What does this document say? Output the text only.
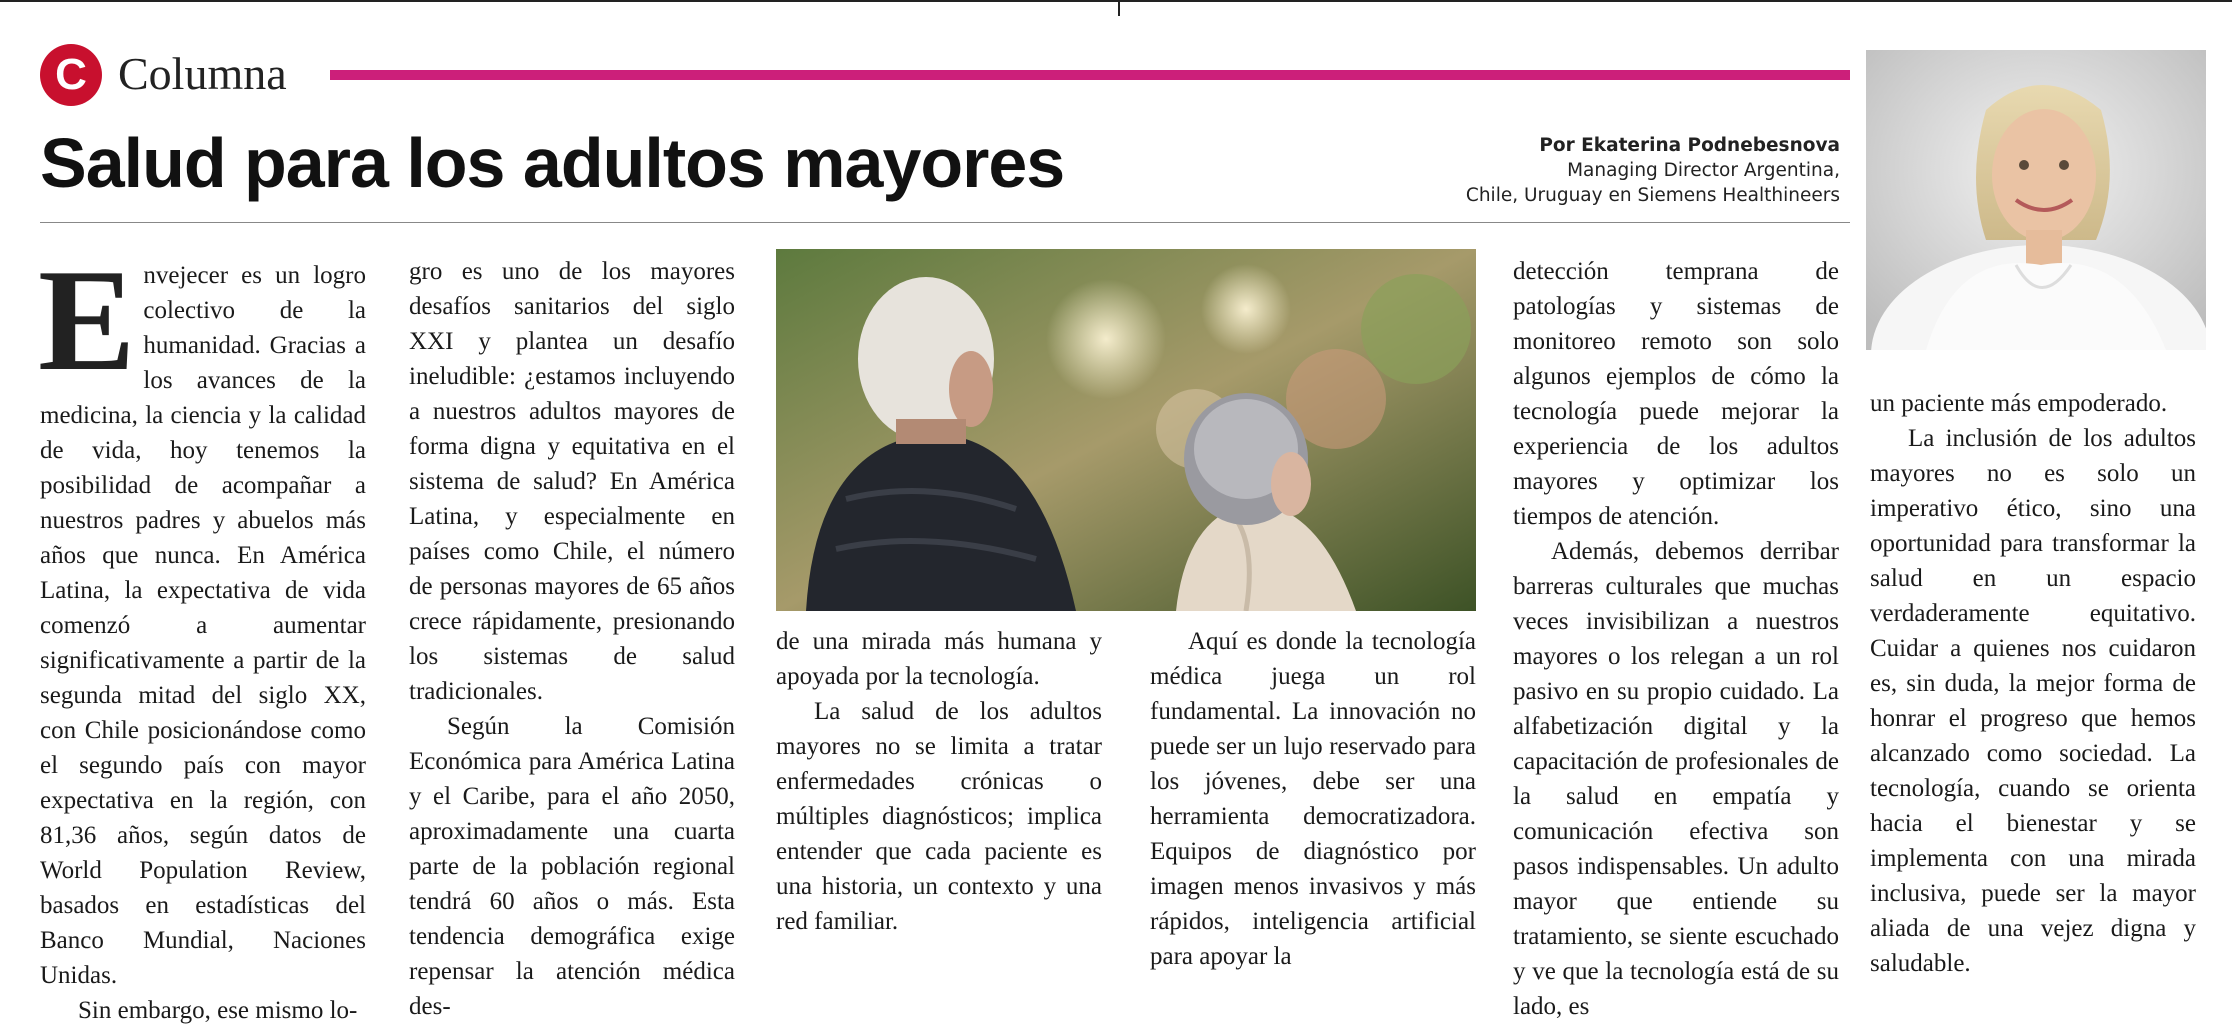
C Columna
Salud para los adultos mayores	Por Ekaterina Podnebesnova
Managing Director Argentina,
Chile, Uruguay en Siemens Healthineers

Envejecer es un logro colectivo de la humanidad. Gracias a los avances de la medicina, la ciencia y la calidad de vida, hoy tenemos la posibilidad de acompañar a nuestros padres y abuelos más años que nunca. En América Latina, la expectativa de vida comenzó a aumentar significativamente a partir de la segunda mitad del siglo XX, con Chile posicionándose como el segundo país con mayor expectativa en la región, con 81,36 años, según datos de World Population Review, basados en estadísticas del Banco Mundial, Naciones Unidas.

Sin embargo, ese mismo lo-

gro es uno de los mayores desafíos sanitarios del siglo XXI y plantea un desafío ineludible: ¿estamos incluyendo a nuestros adultos mayores de forma digna y equitativa en el sistema de salud? En América Latina, y especialmente en países como Chile, el número de personas mayores de 65 años crece rápidamente, presionando los sistemas de salud tradicionales.

Según la Comisión Económica para América Latina y el Caribe, para el año 2050, aproximadamente una cuarta parte de la población regional tendrá 60 años o más. Esta tendencia demográfica exige repensar la atención médica des-

de una mirada más humana y apoyada por la tecnología.

La salud de los adultos mayores no se limita a tratar enfermedades crónicas o múltiples diagnósticos; implica entender que cada paciente es una historia, un contexto y una red familiar.

Aquí es donde la tecnología médica juega un rol fundamental. La innovación no puede ser un lujo reservado para los jóvenes, debe ser una herramienta democratizadora. Equipos de diagnóstico por imagen menos invasivos y más rápidos, inteligencia artificial para apoyar la

detección temprana de patologías y sistemas de monitoreo remoto son solo algunos ejemplos de cómo la tecnología puede mejorar la experiencia de los adultos mayores y optimizar los tiempos de atención.

Además, debemos derribar barreras culturales que muchas veces invisibilizan a nuestros mayores o los relegan a un rol pasivo en su propio cuidado. La alfabetización digital y la capacitación de profesionales de la salud en empatía y comunicación efectiva son pasos indispensables. Un adulto mayor que entiende su tratamiento, se siente escuchado y ve que la tecnología está de su lado, es

un paciente más empoderado.

La inclusión de los adultos mayores no es solo un imperativo ético, sino una oportunidad para transformar la salud en un espacio verdaderamente equitativo. Cuidar a quienes nos cuidaron es, sin duda, la mejor forma de honrar el progreso que hemos alcanzado como sociedad. La tecnología, cuando se orienta hacia el bienestar y se implementa con una mirada inclusiva, puede ser la mayor aliada de una vejez digna y saludable.
